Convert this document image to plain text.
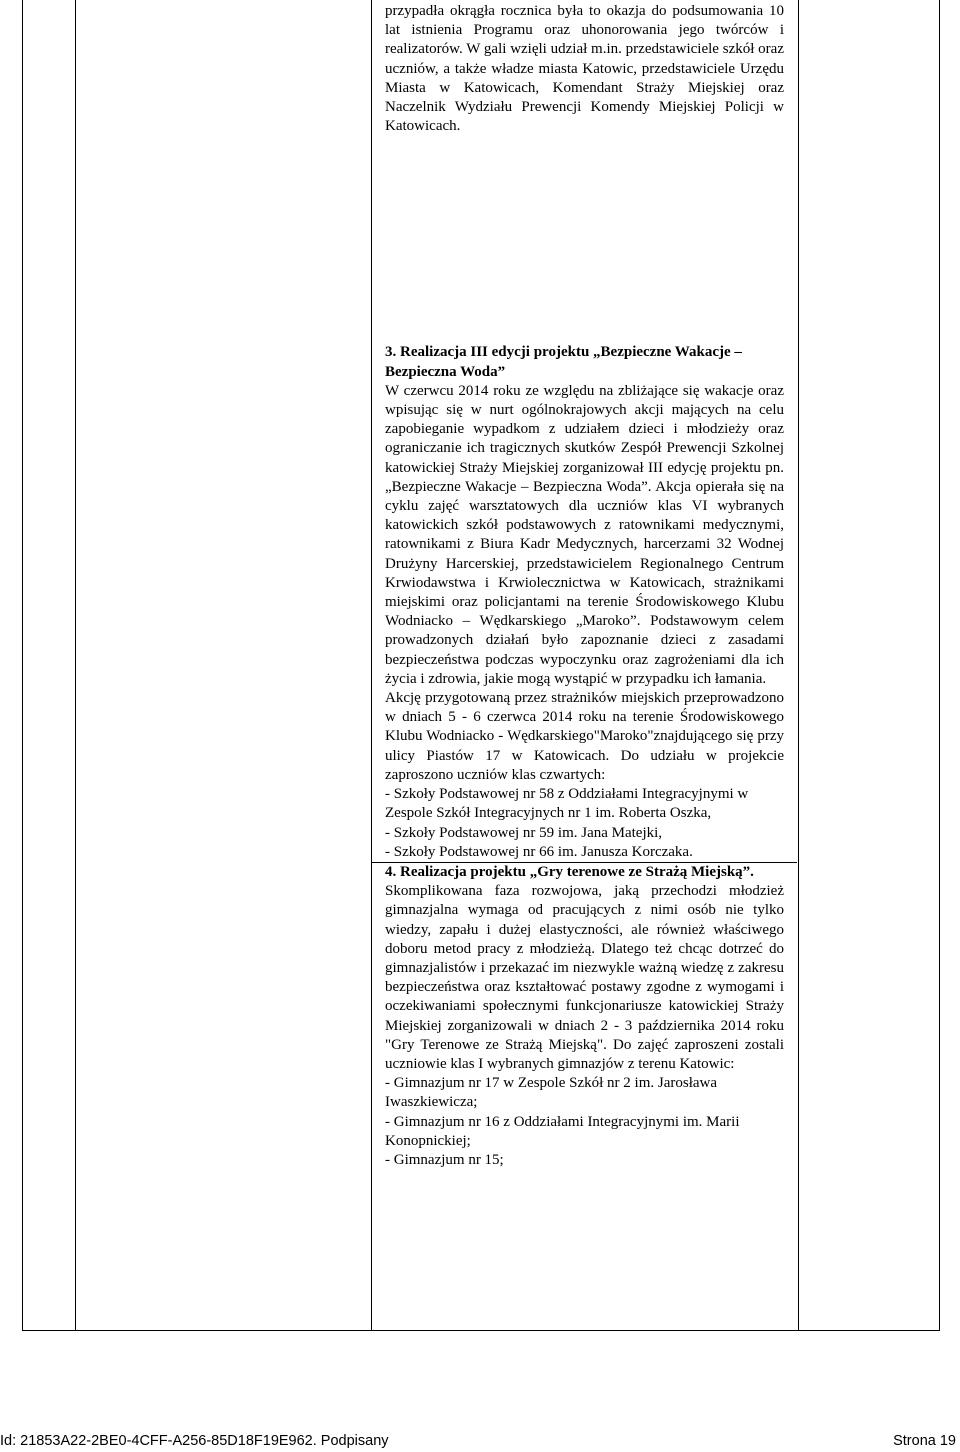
przypadła okrągła rocznica była to okazja do podsumowania 10 lat istnienia Programu oraz uhonorowania jego twórców i realizatorów. W gali wzięli udział m.in. przedstawiciele szkół oraz uczniów, a także władze miasta Katowic, przedstawiciele Urzędu Miasta w Katowicach, Komendant Straży Miejskiej oraz Naczelnik Wydziału Prewencji Komendy Miejskiej Policji w Katowicach.

3. Realizacja III edycji projektu „Bezpieczne Wakacje – Bezpieczna Woda”

W czerwcu 2014 roku ze względu na zbliżające się wakacje oraz wpisując się w nurt ogólnokrajowych akcji mających na celu zapobieganie wypadkom z udziałem dzieci i młodzieży oraz ograniczanie ich tragicznych skutków Zespół Prewencji Szkolnej katowickiej Straży Miejskiej zorganizował III edycję projektu pn. „Bezpieczne Wakacje – Bezpieczna Woda”. Akcja opierała się na cyklu zajęć warsztatowych dla uczniów klas VI wybranych katowickich szkół podstawowych z ratownikami medycznymi, ratownikami z Biura Kadr Medycznych, harcerzami 32 Wodnej Drużyny Harcerskiej, przedstawicielem Regionalnego Centrum Krwiodawstwa i Krwiolecznictwa w Katowicach, strażnikami miejskimi oraz policjantami na terenie Środowiskowego Klubu Wodniacko – Wędkarskiego „Maroko”. Podstawowym celem prowadzonych działań było zapoznanie dzieci z zasadami bezpieczeństwa podczas wypoczynku oraz zagrożeniami dla ich życia i zdrowia, jakie mogą wystąpić w przypadku ich łamania.

Akcję przygotowaną przez strażników miejskich przeprowadzono w dniach 5 - 6 czerwca 2014 roku na terenie Środowiskowego Klubu Wodniacko - Wędkarskiego"Maroko"znajdującego się przy ulicy Piastów 17 w Katowicach. Do udziału w projekcie zaproszono uczniów klas czwartych:

- Szkoły Podstawowej nr 58 z Oddziałami Integracyjnymi w Zespole Szkół Integracyjnych nr 1 im. Roberta Oszka,

- Szkoły Podstawowej nr 59 im. Jana Matejki,

- Szkoły Podstawowej nr 66 im. Janusza Korczaka.

4. Realizacja projektu „Gry terenowe ze Strażą Miejską”.

Skomplikowana faza rozwojowa, jaką przechodzi młodzież gimnazjalna wymaga od pracujących z nimi osób nie tylko wiedzy, zapału i dużej elastyczności, ale również właściwego doboru metod pracy z młodzieżą. Dlatego też chcąc dotrzeć do gimnazjalistów i przekazać im niezwykle ważną wiedzę z zakresu bezpieczeństwa oraz kształtować postawy zgodne z wymogami i oczekiwaniami społecznymi funkcjonariusze katowickiej Straży Miejskiej zorganizowali w dniach 2 - 3 października 2014 roku "Gry Terenowe ze Strażą Miejską". Do zajęć zaproszeni zostali uczniowie klas I wybranych gimnazjów z terenu Katowic:

- Gimnazjum nr 17 w Zespole Szkół nr 2 im. Jarosława Iwaszkiewicza;

- Gimnazjum nr 16 z Oddziałami Integracyjnymi im. Marii Konopnickiej;

- Gimnazjum nr 15;

Id: 21853A22-2BE0-4CFF-A256-85D18F19E962. Podpisany	Strona 19
